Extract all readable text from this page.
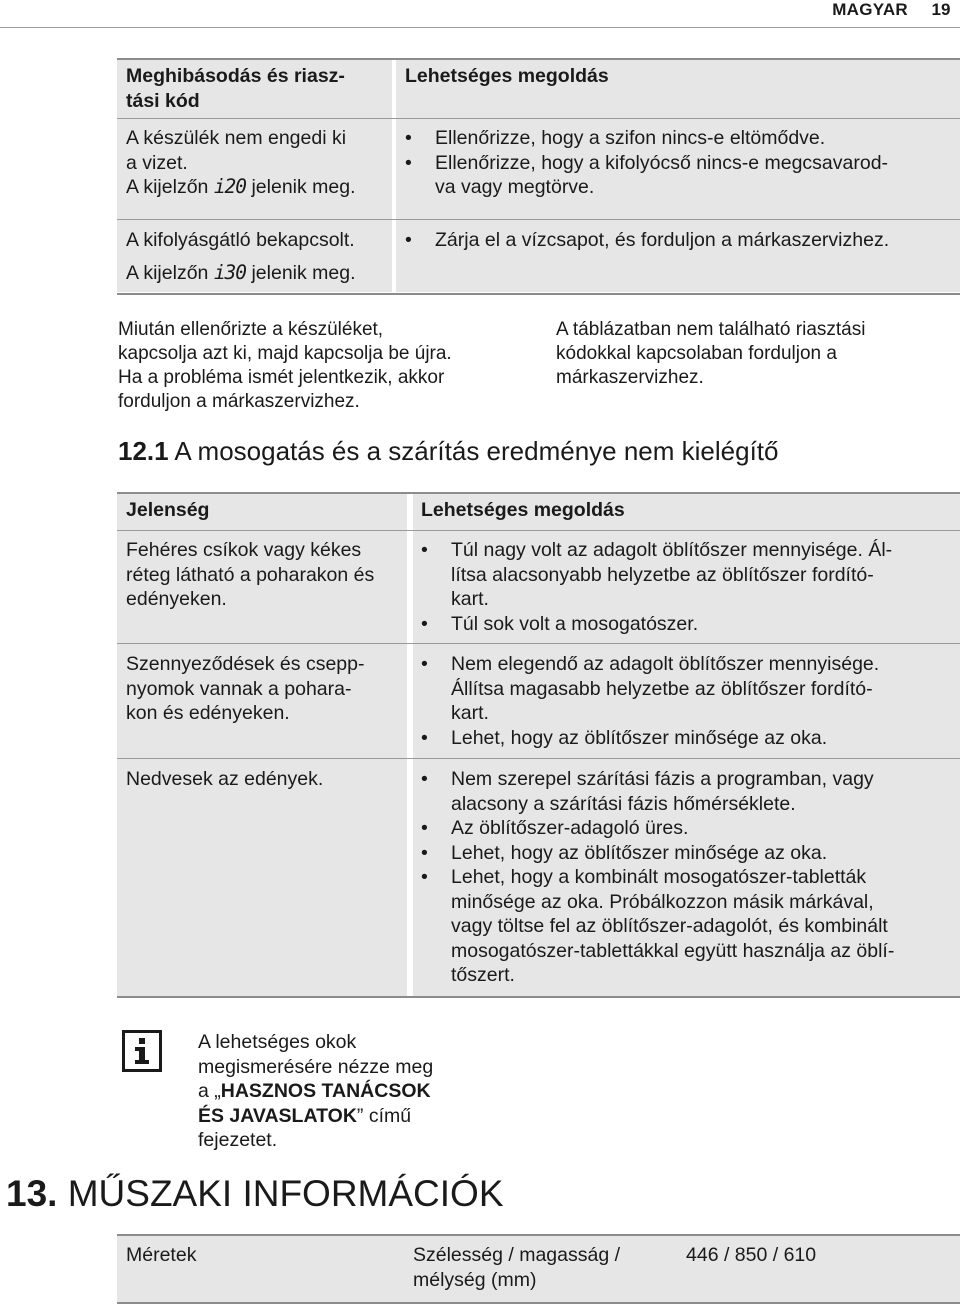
MAGYAR	19
Meghibásodás és riasz-
tási kód
Lehetséges megoldás
A készülék nem engedi ki
a vizet.
A kijelzőn i20 jelenik meg.
• Ellenőrizze, hogy a szifon nincs-e eltömődve.
• Ellenőrizze, hogy a kifolyócső nincs-e megcsavarod-
va vagy megtörve.
A kifolyásgátló bekapcsolt.
A kijelzőn i30 jelenik meg.
• Zárja el a vízcsapot, és forduljon a márkaszervizhez.
Miután ellenőrizte a készüléket,
kapcsolja azt ki, majd kapcsolja be újra.
Ha a probléma ismét jelentkezik, akkor
forduljon a márkaszervizhez.
A táblázatban nem található riasztási
kódokkal kapcsolaban forduljon a
márkaszervizhez.
12.1 A mosogatás és a szárítás eredménye nem kielégítő
Jelenség	Lehetséges megoldás
Fehéres csíkok vagy kékes
réteg látható a poharakon és
edényeken.
• Túl nagy volt az adagolt öblítőszer mennyisége. Ál-
lítsa alacsonyabb helyzetbe az öblítőszer fordító-
kart.
• Túl sok volt a mosogatószer.
Szennyeződések és csepp-
nyomok vannak a pohara-
kon és edényeken.
• Nem elegendő az adagolt öblítőszer mennyisége.
Állítsa magasabb helyzetbe az öblítőszer fordító-
kart.
• Lehet, hogy az öblítőszer minősége az oka.
Nedvesek az edények.
•	Nem szerepel szárítási fázis a programban, vagy
alacsony a szárítási fázis hőmérséklete.
• Az öblítőszer-adagoló üres.
• Lehet, hogy az öblítőszer minősége az oka.
• Lehet, hogy a kombinált mosogatószer-tabletták
minősége az oka. Próbálkozzon másik márkával,
vagy töltse fel az öblítőszer-adagolót, és kombinált
mosogatószer-tablettákkal együtt használja az öblí-
tőszert.
A lehetséges okok
megismerésére nézze meg
a „HASZNOS TANÁCSOK
ÉS JAVASLATOK” című
fejezetet.
13. MŰSZAKI INFORMÁCIÓK
Méretek	Szélesség / magasság /
mélység (mm)
446 / 850 / 610
